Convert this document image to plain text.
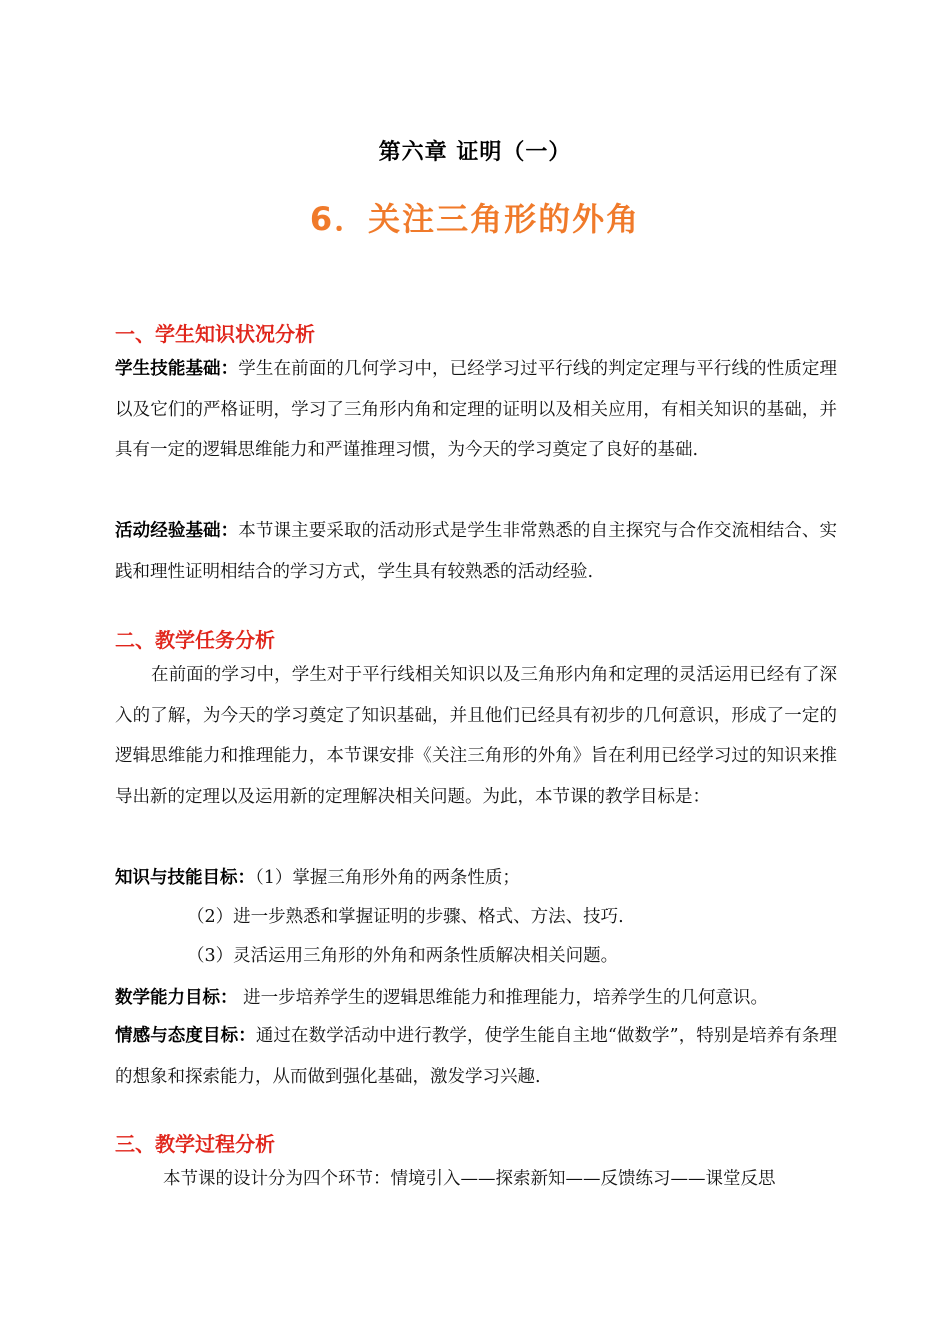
第六章 证明（一）
6．关注三角形的外角
一、学生知识状况分析
学生技能基础：学生在前面的几何学习中，已经学习过平行线的判定定理与平行线的性质定理以及它们的严格证明，学习了三角形内角和定理的证明以及相关应用，有相关知识的基础，并具有一定的逻辑思维能力和严谨推理习惯，为今天的学习奠定了良好的基础.
活动经验基础：本节课主要采取的活动形式是学生非常熟悉的自主探究与合作交流相结合、实践和理性证明相结合的学习方式，学生具有较熟悉的活动经验.
二、教学任务分析
在前面的学习中，学生对于平行线相关知识以及三角形内角和定理的灵活运用已经有了深入的了解，为今天的学习奠定了知识基础，并且他们已经具有初步的几何意识，形成了一定的逻辑思维能力和推理能力，本节课安排《关注三角形的外角》旨在利用已经学习过的知识来推导出新的定理以及运用新的定理解决相关问题。为此，本节课的教学目标是：
知识与技能目标：（1）掌握三角形外角的两条性质；
（2）进一步熟悉和掌握证明的步骤、格式、方法、技巧.
（3）灵活运用三角形的外角和两条性质解决相关问题。
数学能力目标： 进一步培养学生的逻辑思维能力和推理能力，培养学生的几何意识。
情感与态度目标：通过在数学活动中进行教学，使学生能自主地“做数学”，特别是培养有条理的想象和探索能力，从而做到强化基础，激发学习兴趣.
三、教学过程分析
本节课的设计分为四个环节：情境引入——探索新知——反馈练习——课堂反思
